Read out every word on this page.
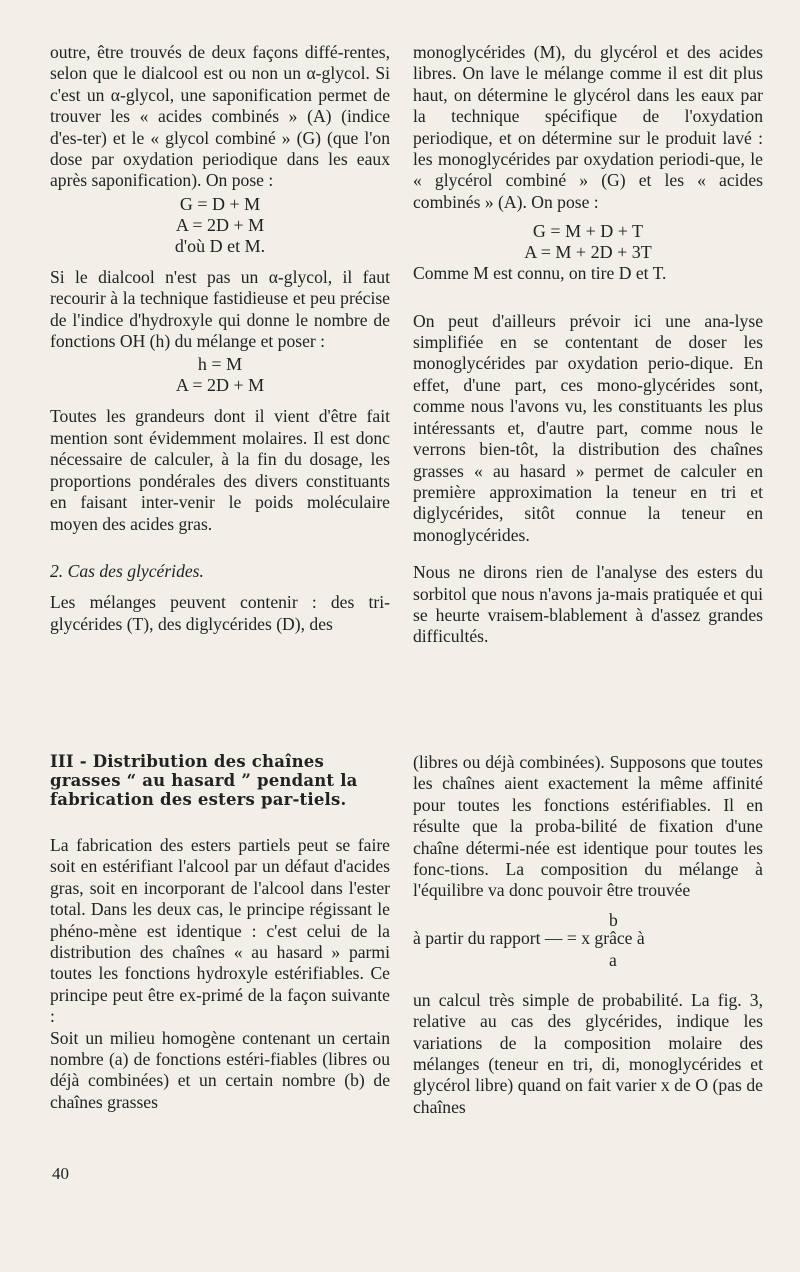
outre, être trouvés de deux façons diffé-rentes, selon que le dialcool est ou non un α-glycol. Si c'est un α-glycol, une saponification permet de trouver les « acides combinés » (A) (indice d'es-ter) et le « glycol combiné » (G) (que l'on dose par oxydation periodique dans les eaux après saponification). On pose :

G = D + M
A = 2D + M
d'où D et M.

Si le dialcool n'est pas un α-glycol, il faut recourir à la technique fastidieuse et peu précise de l'indice d'hydroxyle qui donne le nombre de fonctions OH (h) du mélange et poser :

h = M
A = 2D + M

Toutes les grandeurs dont il vient d'être fait mention sont évidemment molaires. Il est donc nécessaire de calculer, à la fin du dosage, les proportions pondérales des divers constituants en faisant inter-venir le poids moléculaire moyen des acides gras.

2. Cas des glycérides.

Les mélanges peuvent contenir : des tri-glycérides (T), des diglycérides (D), des

monoglycérides (M), du glycérol et des acides libres. On lave le mélange comme il est dit plus haut, on détermine le glycérol dans les eaux par la technique spécifique de l'oxydation periodique, et on détermine sur le produit lavé : les monoglycérides par oxydation periodi-que, le « glycérol combiné » (G) et les « acides combinés » (A). On pose :

G = M + D + T
A = M + 2D + 3T

Comme M est connu, on tire D et T.

On peut d'ailleurs prévoir ici une ana-lyse simplifiée en se contentant de doser les monoglycérides par oxydation perio-dique. En effet, d'une part, ces mono-glycérides sont, comme nous l'avons vu, les constituants les plus intéressants et, d'autre part, comme nous le verrons bien-tôt, la distribution des chaînes grasses « au hasard » permet de calculer en première approximation la teneur en tri et diglycérides, sitôt connue la teneur en monoglycérides.

Nous ne dirons rien de l'analyse des esters du sorbitol que nous n'avons ja-mais pratiquée et qui se heurte vraisem-blablement à d'assez grandes difficultés.

III - Distribution des chaînes grasses “ au hasard ” pendant la fabrication des esters par-tiels.

La fabrication des esters partiels peut se faire soit en estérifiant l'alcool par un défaut d'acides gras, soit en incorporant de l'alcool dans l'ester total. Dans les deux cas, le principe régissant le phéno-mène est identique : c'est celui de la distribution des chaînes « au hasard » parmi toutes les fonctions hydroxyle estérifiables. Ce principe peut être ex-primé de la façon suivante :

Soit un milieu homogène contenant un certain nombre (a) de fonctions estéri-fiables (libres ou déjà combinées) et un certain nombre (b) de chaînes grasses

(libres ou déjà combinées). Supposons que toutes les chaînes aient exactement la même affinité pour toutes les fonctions estérifiables. Il en résulte que la proba-bilité de fixation d'une chaîne détermi-née est identique pour toutes les fonc-tions. La composition du mélange à l'équilibre va donc pouvoir être trouvée

b
à partir du rapport — = x grâce à
a

un calcul très simple de probabilité. La fig. 3, relative au cas des glycérides, indique les variations de la composition molaire des mélanges (teneur en tri, di, monoglycérides et glycérol libre) quand on fait varier x de O (pas de chaînes

40
